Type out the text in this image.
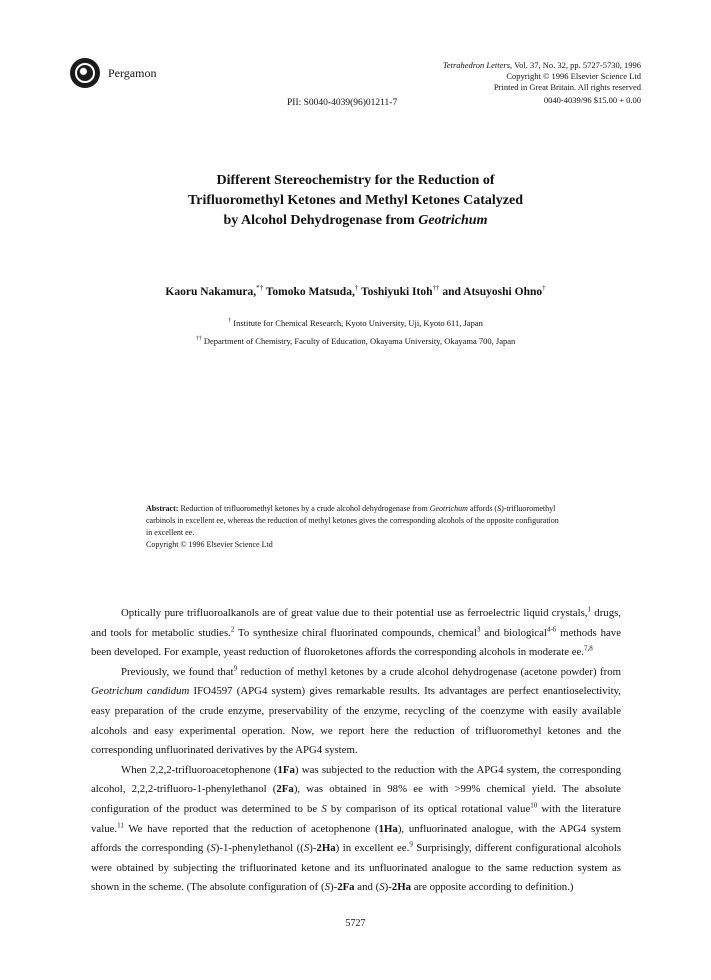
Pergamon
Tetrahedron Letters, Vol. 37, No. 32, pp. 5727-5730, 1996
Copyright © 1996 Elsevier Science Ltd
Printed in Great Britain. All rights reserved
0040-4039/96 $15.00 + 0.00
PII: S0040-4039(96)01211-7
Different Stereochemistry for the Reduction of
Trifluoromethyl Ketones and Methyl Ketones Catalyzed
by Alcohol Dehydrogenase from Geotrichum
Kaoru Nakamura,*† Tomoko Matsuda,† Toshiyuki Itoh†† and Atsuyoshi Ohno†
† Institute for Chemical Research, Kyoto University, Uji, Kyoto 611, Japan
†† Department of Chemistry, Faculty of Education, Okayama University, Okayama 700, Japan
Abstract: Reduction of trifluoromethyl ketones by a crude alcohol dehydrogenase from Geotrichum affords (S)-trifluoromethyl carbinols in excellent ee, whereas the reduction of methyl ketones gives the corresponding alcohols of the opposite configuration in excellent ee.
Copyright © 1996 Elsevier Science Ltd

Optically pure trifluoroalkanols are of great value due to their potential use as ferroelectric liquid crystals,$^1$ drugs, and tools for metabolic studies.$^2$ To synthesize chiral fluorinated compounds, chemical$^3$ and biological$^{4-6}$ methods have been developed. For example, yeast reduction of fluoroketones affords the corresponding alcohols in moderate ee.$^{7,8}$

Previously, we found that$^9$ reduction of methyl ketones by a crude alcohol dehydrogenase (acetone powder) from Geotrichum candidum IFO4597 (APG4 system) gives remarkable results. Its advantages are perfect enantioselectivity, easy preparation of the crude enzyme, preservability of the enzyme, recycling of the coenzyme with easily available alcohols and easy experimental operation. Now, we report here the reduction of trifluoromethyl ketones and the corresponding unfluorinated derivatives by the APG4 system.

When 2,2,2-trifluoroacetophenone (1Fa) was subjected to the reduction with the APG4 system, the corresponding alcohol, 2,2,2-trifluoro-1-phenylethanol (2Fa), was obtained in 98% ee with >99% chemical yield. The absolute configuration of the product was determined to be S by comparison of its optical rotational value$^{10}$ with the literature value.$^{11}$ We have reported that the reduction of acetophenone (1Ha), unfluorinated analogue, with the APG4 system affords the corresponding (S)-1-phenylethanol ((S)-2Ha) in excellent ee.$^9$ Surprisingly, different configurational alcohols were obtained by subjecting the trifluorinated ketone and its unfluorinated analogue to the same reduction system as shown in the scheme. (The absolute configuration of (S)-2Fa and (S)-2Ha are opposite according to definition.)

5727
